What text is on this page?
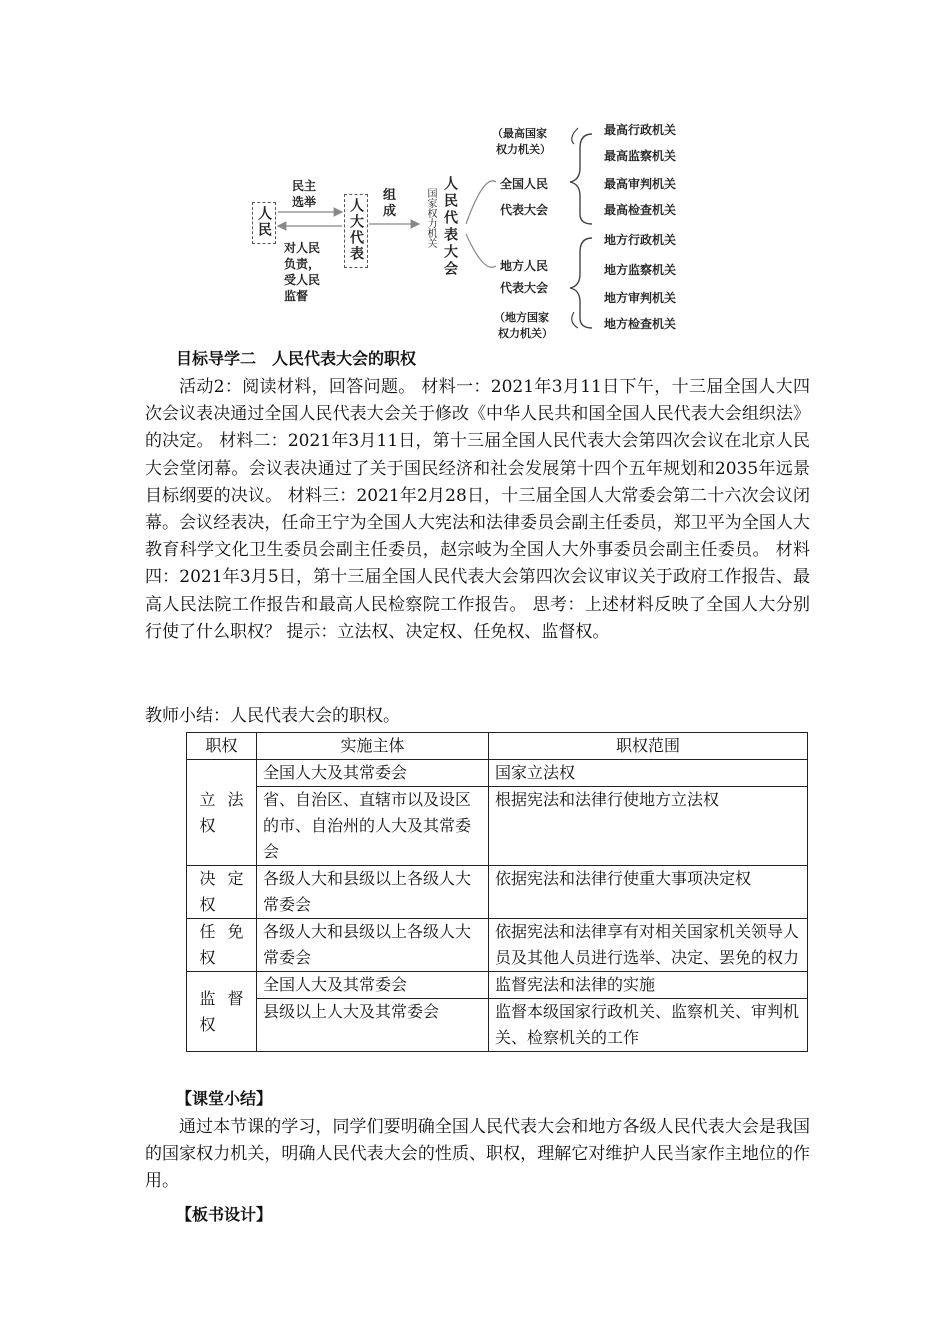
人民
民主
选举
对人民
负责，
受人民
监督
人大代表
组
成	国家权力机关 人民代表大会
（最高国家
权力机关）
全国人民
代表大会
地方人民
代表大会
（地方国家
权力机关）
最高行政机关
最高监察机关
最高审判机关
最高检查机关
地方行政机关
地方监察机关
地方审判机关
地方检查机关
目标导学二　人民代表大会的职权

活动2：阅读材料，回答问题。 材料一：2021年3月11日下午，十三届全国人大四次会议表决通过全国人民代表大会关于修改《中华人民共和国全国人民代表大会组织法》的决定。 材料二：2021年3月11日，第十三届全国人民代表大会第四次会议在北京人民大会堂闭幕。会议表决通过了关于国民经济和社会发展第十四个五年规划和2035年远景目标纲要的决议。 材料三：2021年2月28日，十三届全国人大常委会第二十六次会议闭幕。会议经表决，任命王宁为全国人大宪法和法律委员会副主任委员，郑卫平为全国人大教育科学文化卫生委员会副主任委员，赵宗岐为全国人大外事委员会副主任委员。 材料四：2021年3月5日，第十三届全国人民代表大会第四次会议审议关于政府工作报告、最高人民法院工作报告和最高人民检察院工作报告。 思考：上述材料反映了全国人大分别行使了什么职权？ 提示：立法权、决定权、任免权、监督权。

教师小结：人民代表大会的职权。

职权	实施主体	职权范围

立法权	全国人大及其常委会	国家立法权
	省、自治区、直辖市以及设区的市、自治州的人大及其常委会	根据宪法和法律行使地方立法权

决定权	各级人大和县级以上各级人大常委会	依据宪法和法律行使重大事项决定权

任免权	各级人大和县级以上各级人大常委会	依据宪法和法律享有对相关国家机关领导人员及其他人员进行选举、决定、罢免的权力

监督权	全国人大及其常委会	监督宪法和法律的实施
	县级以上人大及其常委会	监督本级国家行政机关、监察机关、审判机关、检察机关的工作
【课堂小结】

通过本节课的学习，同学们要明确全国人民代表大会和地方各级人民代表大会是我国的国家权力机关，明确人民代表大会的性质、职权，理解它对维护人民当家作主地位的作用。

【板书设计】
